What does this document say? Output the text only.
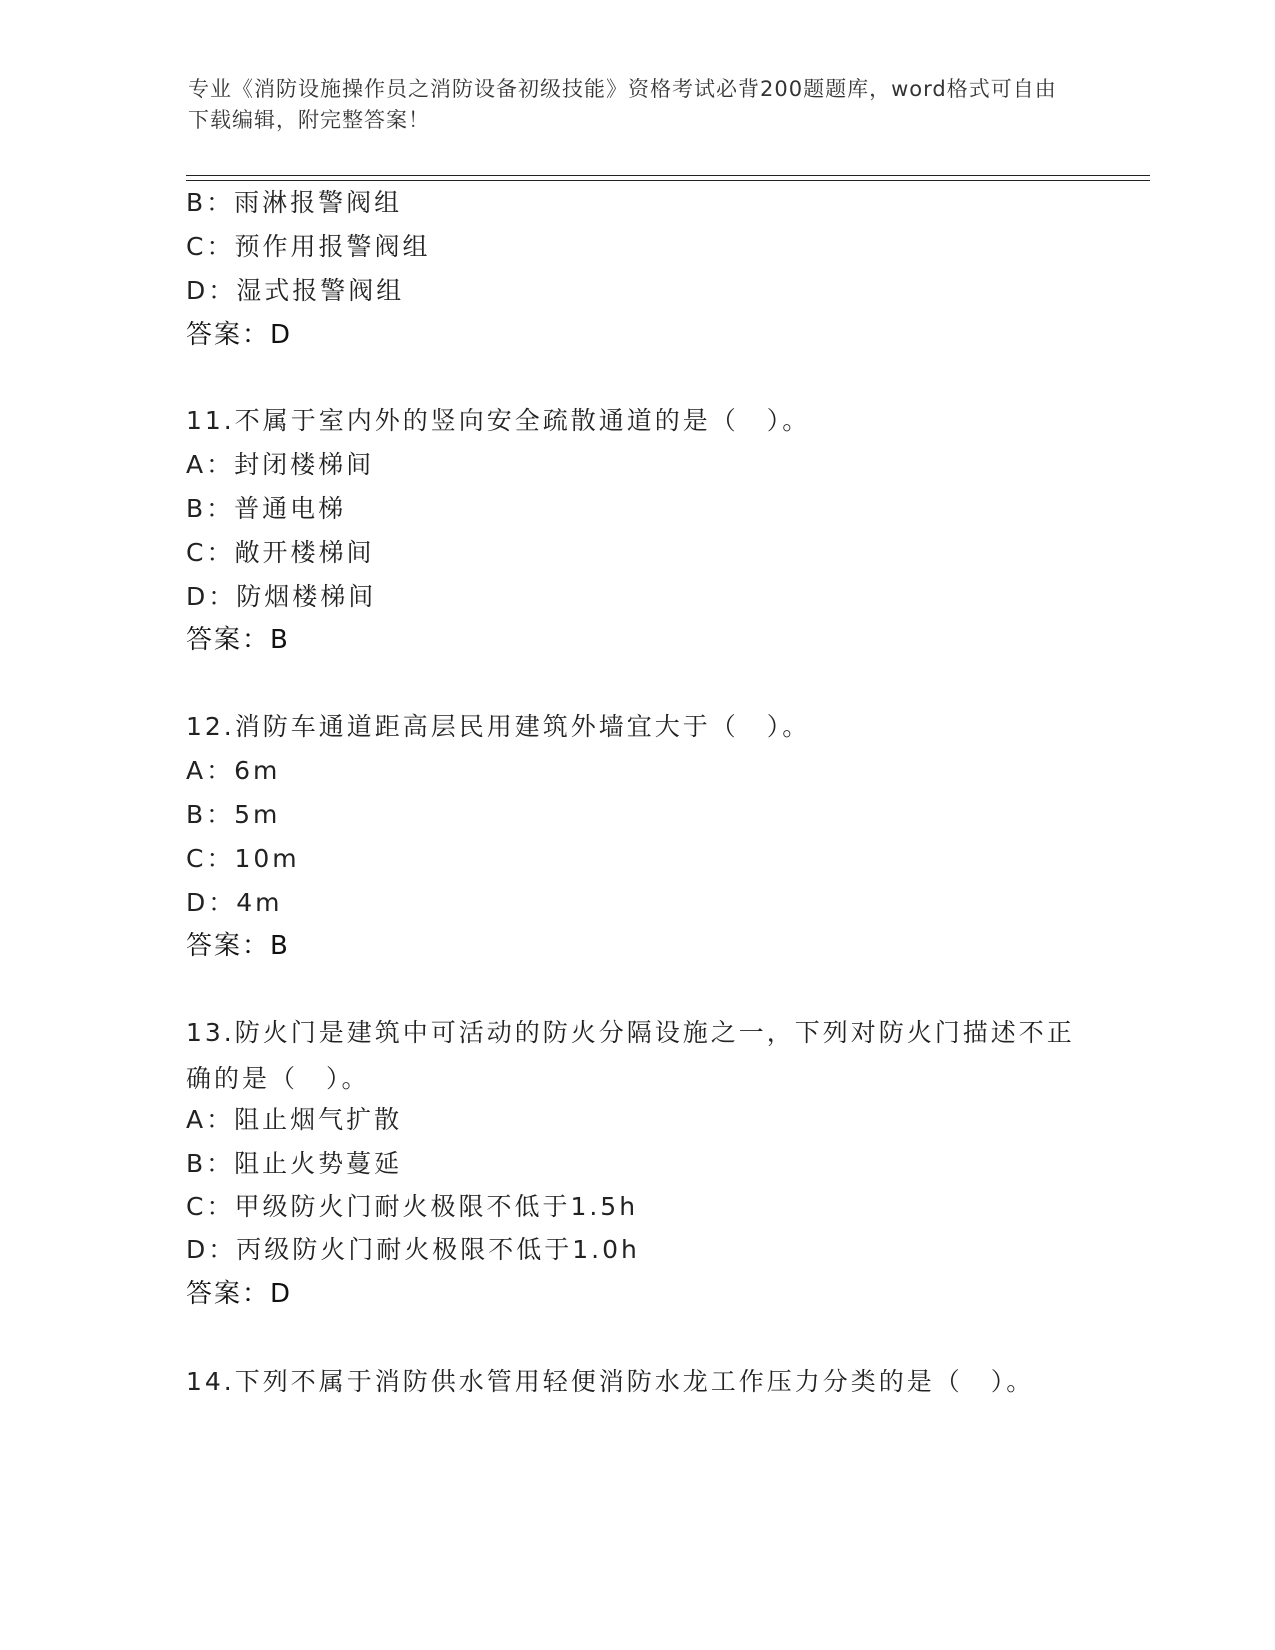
专业《消防设施操作员之消防设备初级技能》资格考试必背200题题库，word格式可自由下载编辑，附完整答案！
B：雨淋报警阀组
C：预作用报警阀组
D：湿式报警阀组
答案：D
11.不属于室内外的竖向安全疏散通道的是（　）。
A：封闭楼梯间
B：普通电梯
C：敞开楼梯间
D：防烟楼梯间
答案：B
12.消防车通道距高层民用建筑外墙宜大于（　）。
A：6m
B：5m
C：10m
D：4m
答案：B
13.防火门是建筑中可活动的防火分隔设施之一，下列对防火门描述不正确的是（　）。
A：阻止烟气扩散
B：阻止火势蔓延
C：甲级防火门耐火极限不低于1.5h
D：丙级防火门耐火极限不低于1.0h
答案：D
14.下列不属于消防供水管用轻便消防水龙工作压力分类的是（　）。
